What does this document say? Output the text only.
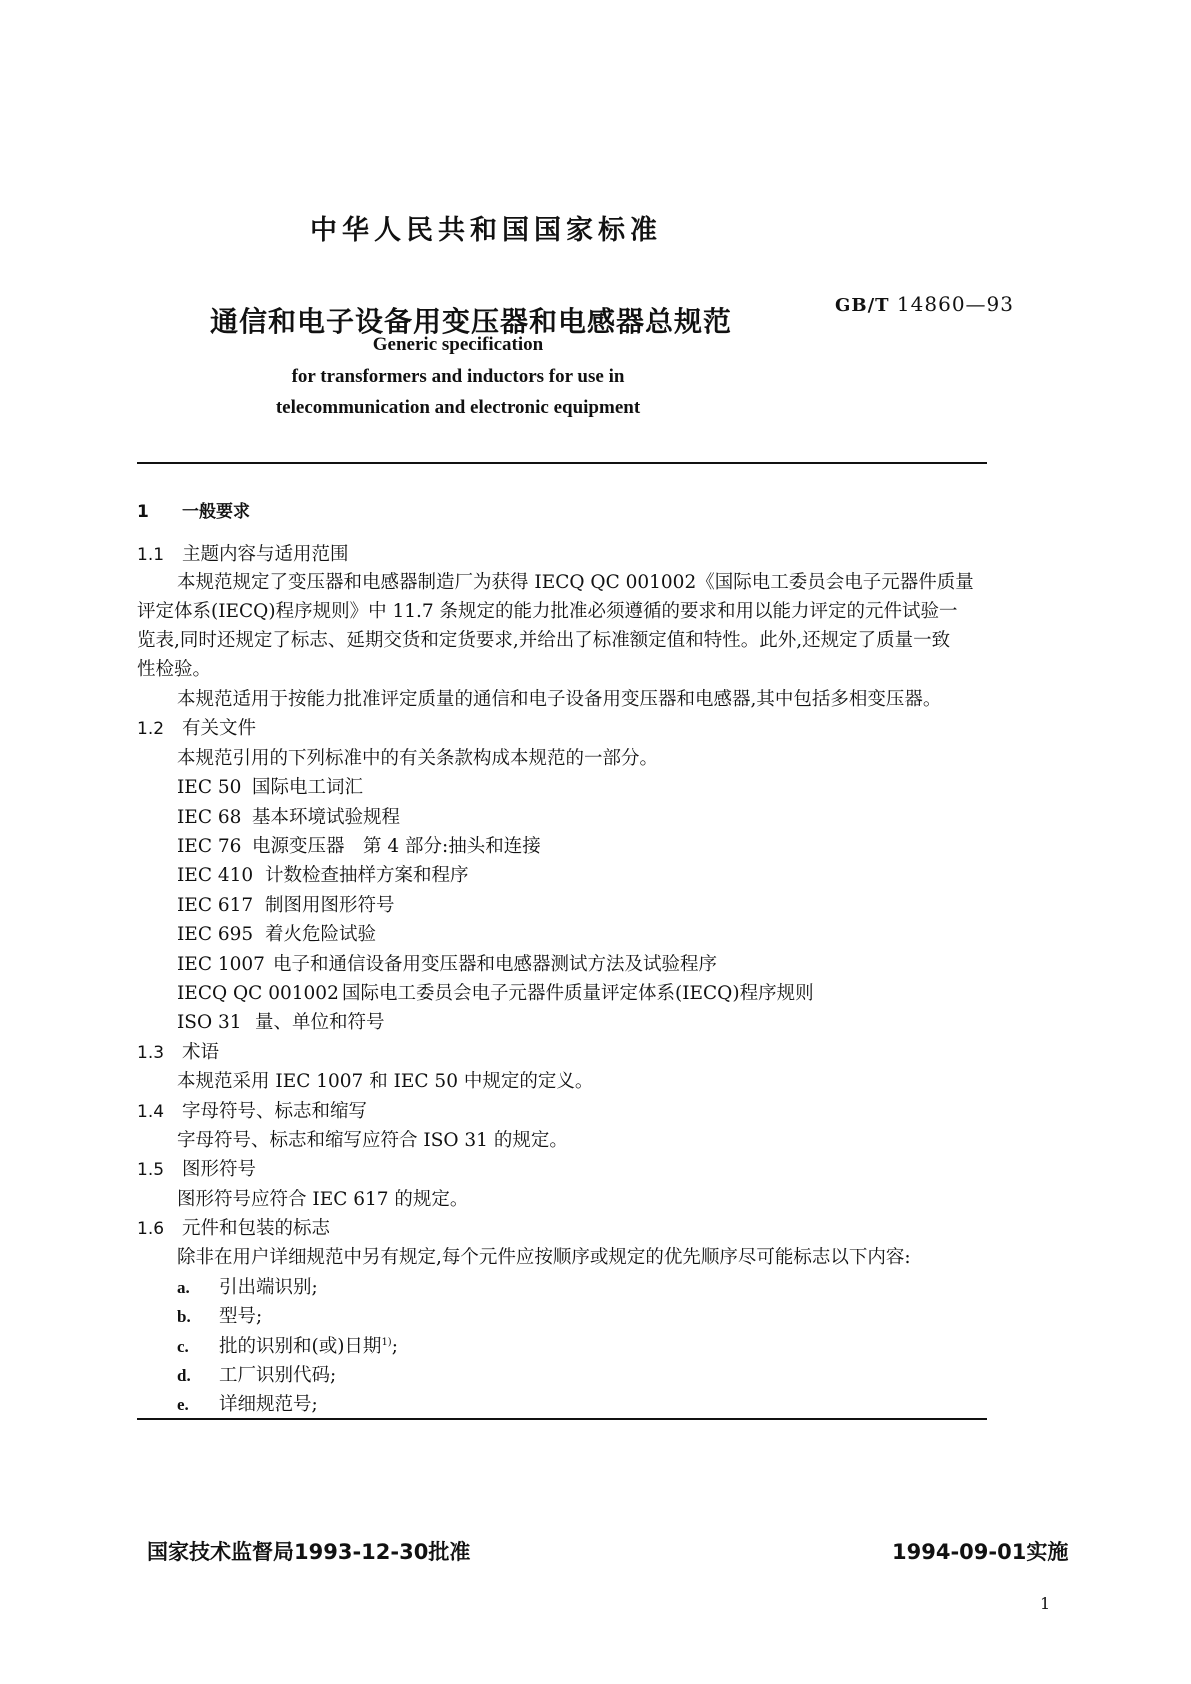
中华人民共和国国家标准
通信和电子设备用变压器和电感器总规范	GB/T 14860—93
Generic specification
for transformers and inductors for use in
telecommunication and electronic equipment
1 一般要求
1.1 主题内容与适用范围
本规范规定了变压器和电感器制造厂为获得 IECQ QC 001002《国际电工委员会电子元器件质量
评定体系(IECQ)程序规则》中 11.7 条规定的能力批准必须遵循的要求和用以能力评定的元件试验一
览表,同时还规定了标志、延期交货和定货要求,并给出了标准额定值和特性。此外,还规定了质量一致
性检验。
本规范适用于按能力批准评定质量的通信和电子设备用变压器和电感器,其中包括多相变压器。
1.2 有关文件
本规范引用的下列标准中的有关条款构成本规范的一部分。
IEC 50 国际电工词汇
IEC 68 基本环境试验规程
IEC 76 电源变压器　第 4 部分:抽头和连接
IEC 410 计数检查抽样方案和程序
IEC 617 制图用图形符号
IEC 695 着火危险试验
IEC 1007 电子和通信设备用变压器和电感器测试方法及试验程序
IECQ QC 001002 国际电工委员会电子元器件质量评定体系(IECQ)程序规则
ISO 31 量、单位和符号
1.3 术语
本规范采用 IEC 1007 和 IEC 50 中规定的定义。
1.4 字母符号、标志和缩写
字母符号、标志和缩写应符合 ISO 31 的规定。
1.5 图形符号
图形符号应符合 IEC 617 的规定。
1.6 元件和包装的标志
除非在用户详细规范中另有规定,每个元件应按顺序或规定的优先顺序尽可能标志以下内容:
a. 引出端识别;
b. 型号;
c. 批的识别和(或)日期$^{1)}$;
d. 工厂识别代码;
e. 详细规范号;
国家技术监督局1993-12-30批准	1994-09-01实施
1
